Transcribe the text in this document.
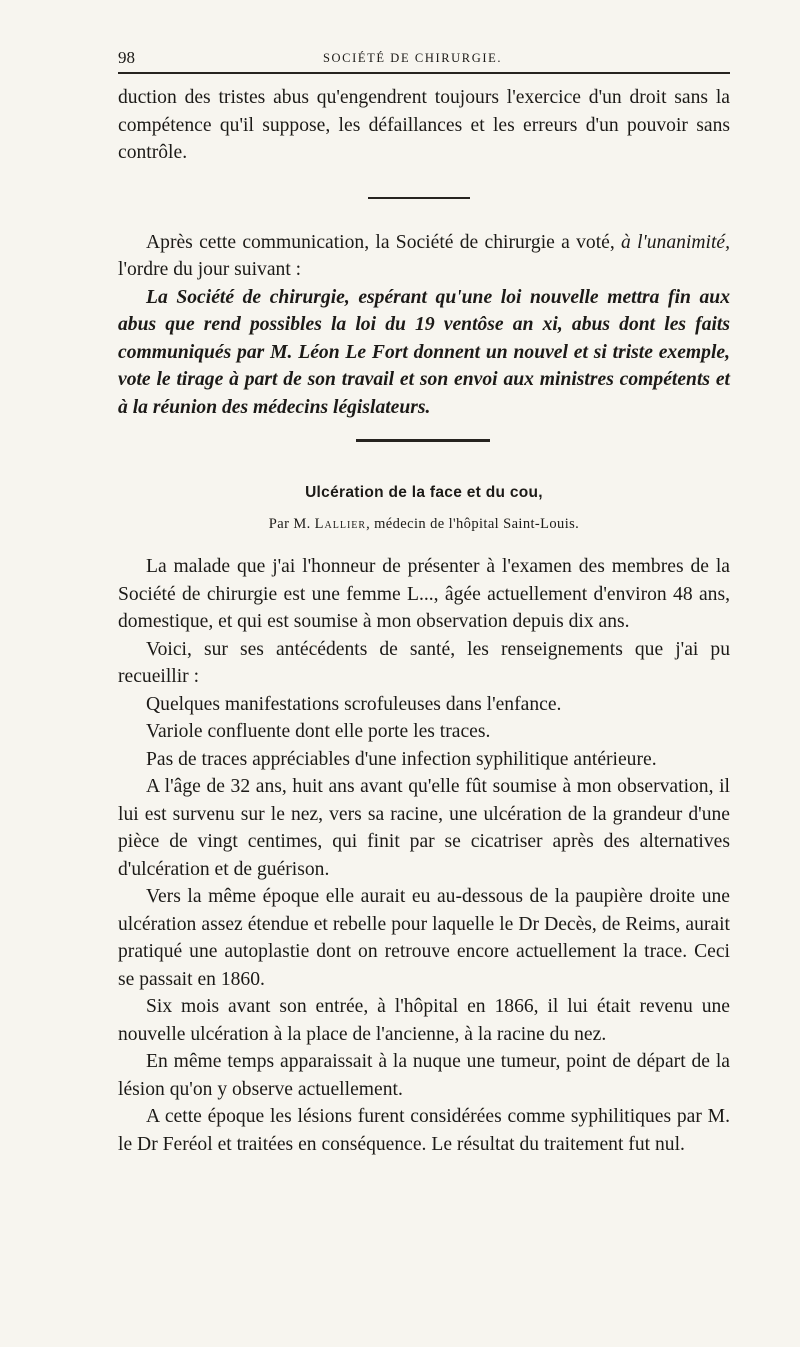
98	SOCIÉTÉ DE CHIRURGIE.

duction des tristes abus qu'engendrent toujours l'exercice d'un droit sans la compétence qu'il suppose, les défaillances et les erreurs d'un pouvoir sans contrôle.

Après cette communication, la Société de chirurgie a voté, à l'unanimité, l'ordre du jour suivant :

La Société de chirurgie, espérant qu'une loi nouvelle mettra fin aux abus que rend possibles la loi du 19 ventôse an xi, abus dont les faits communiqués par M. Léon Le Fort donnent un nouvel et si triste exemple, vote le tirage à part de son travail et son envoi aux ministres compétents et à la réunion des médecins législateurs.

Ulcération de la face et du cou,
Par M. Lallier, médecin de l'hôpital Saint-Louis.

La malade que j'ai l'honneur de présenter à l'examen des membres de la Société de chirurgie est une femme L..., âgée actuellement d'environ 48 ans, domestique, et qui est soumise à mon observation depuis dix ans.

Voici, sur ses antécédents de santé, les renseignements que j'ai pu recueillir :

Quelques manifestations scrofuleuses dans l'enfance.

Variole confluente dont elle porte les traces.

Pas de traces appréciables d'une infection syphilitique antérieure.

A l'âge de 32 ans, huit ans avant qu'elle fût soumise à mon observation, il lui est survenu sur le nez, vers sa racine, une ulcération de la grandeur d'une pièce de vingt centimes, qui finit par se cicatriser après des alternatives d'ulcération et de guérison.

Vers la même époque elle aurait eu au-dessous de la paupière droite une ulcération assez étendue et rebelle pour laquelle le Dr Decès, de Reims, aurait pratiqué une autoplastie dont on retrouve encore actuellement la trace. Ceci se passait en 1860.

Six mois avant son entrée, à l'hôpital en 1866, il lui était revenu une nouvelle ulcération à la place de l'ancienne, à la racine du nez.

En même temps apparaissait à la nuque une tumeur, point de départ de la lésion qu'on y observe actuellement.

A cette époque les lésions furent considérées comme syphilitiques par M. le Dr Feréol et traitées en conséquence. Le résultat du traitement fut nul.
